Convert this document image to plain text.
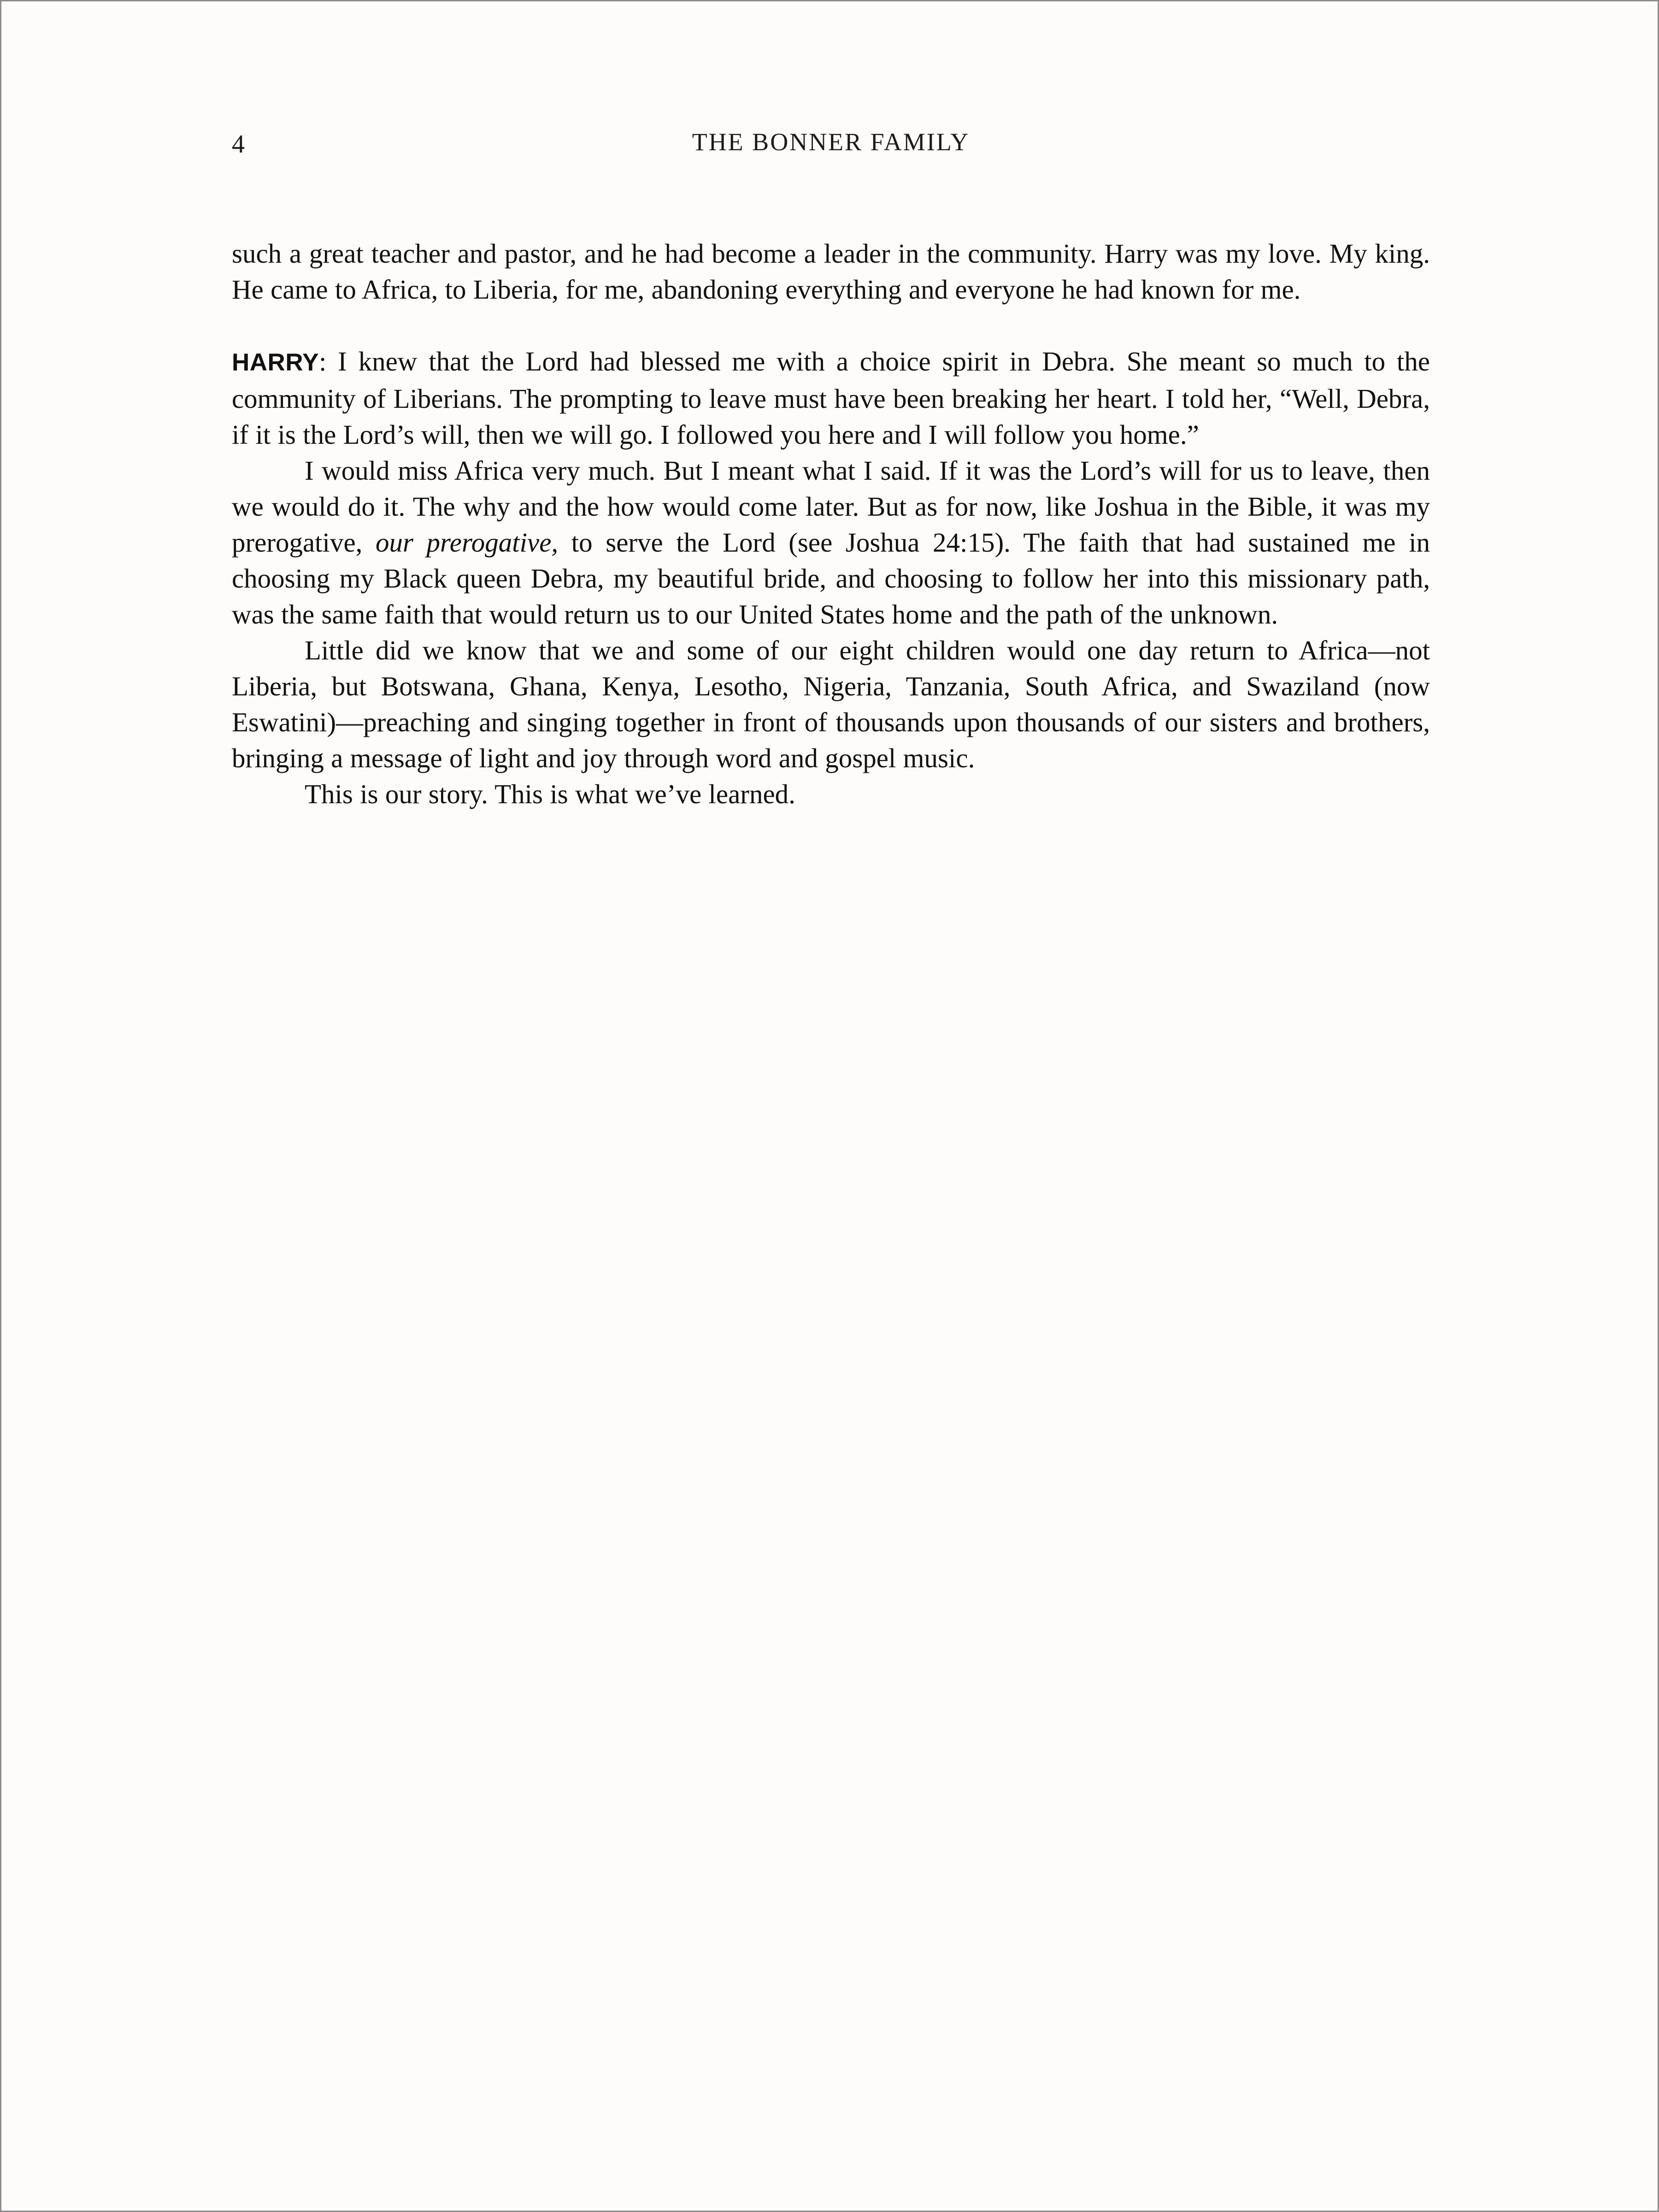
4	THE BONNER FAMILY

such a great teacher and pastor, and he had become a leader in the community. Harry was my love. My king. He came to Africa, to Liberia, for me, abandoning everything and everyone he had known for me.

HARRY: I knew that the Lord had blessed me with a choice spirit in Debra. She meant so much to the community of Liberians. The prompting to leave must have been breaking her heart. I told her, “Well, Debra, if it is the Lord’s will, then we will go. I followed you here and I will follow you home.”

I would miss Africa very much. But I meant what I said. If it was the Lord’s will for us to leave, then we would do it. The why and the how would come later. But as for now, like Joshua in the Bible, it was my prerogative, our prerogative, to serve the Lord (see Joshua 24:15). The faith that had sustained me in choosing my Black queen Debra, my beautiful bride, and choosing to follow her into this missionary path, was the same faith that would return us to our United States home and the path of the unknown.

Little did we know that we and some of our eight children would one day return to Africa—not Liberia, but Botswana, Ghana, Kenya, Lesotho, Nigeria, Tanzania, South Africa, and Swaziland (now Eswatini)—preaching and singing together in front of thousands upon thousands of our sisters and brothers, bringing a message of light and joy through word and gospel music.

This is our story. This is what we’ve learned.
